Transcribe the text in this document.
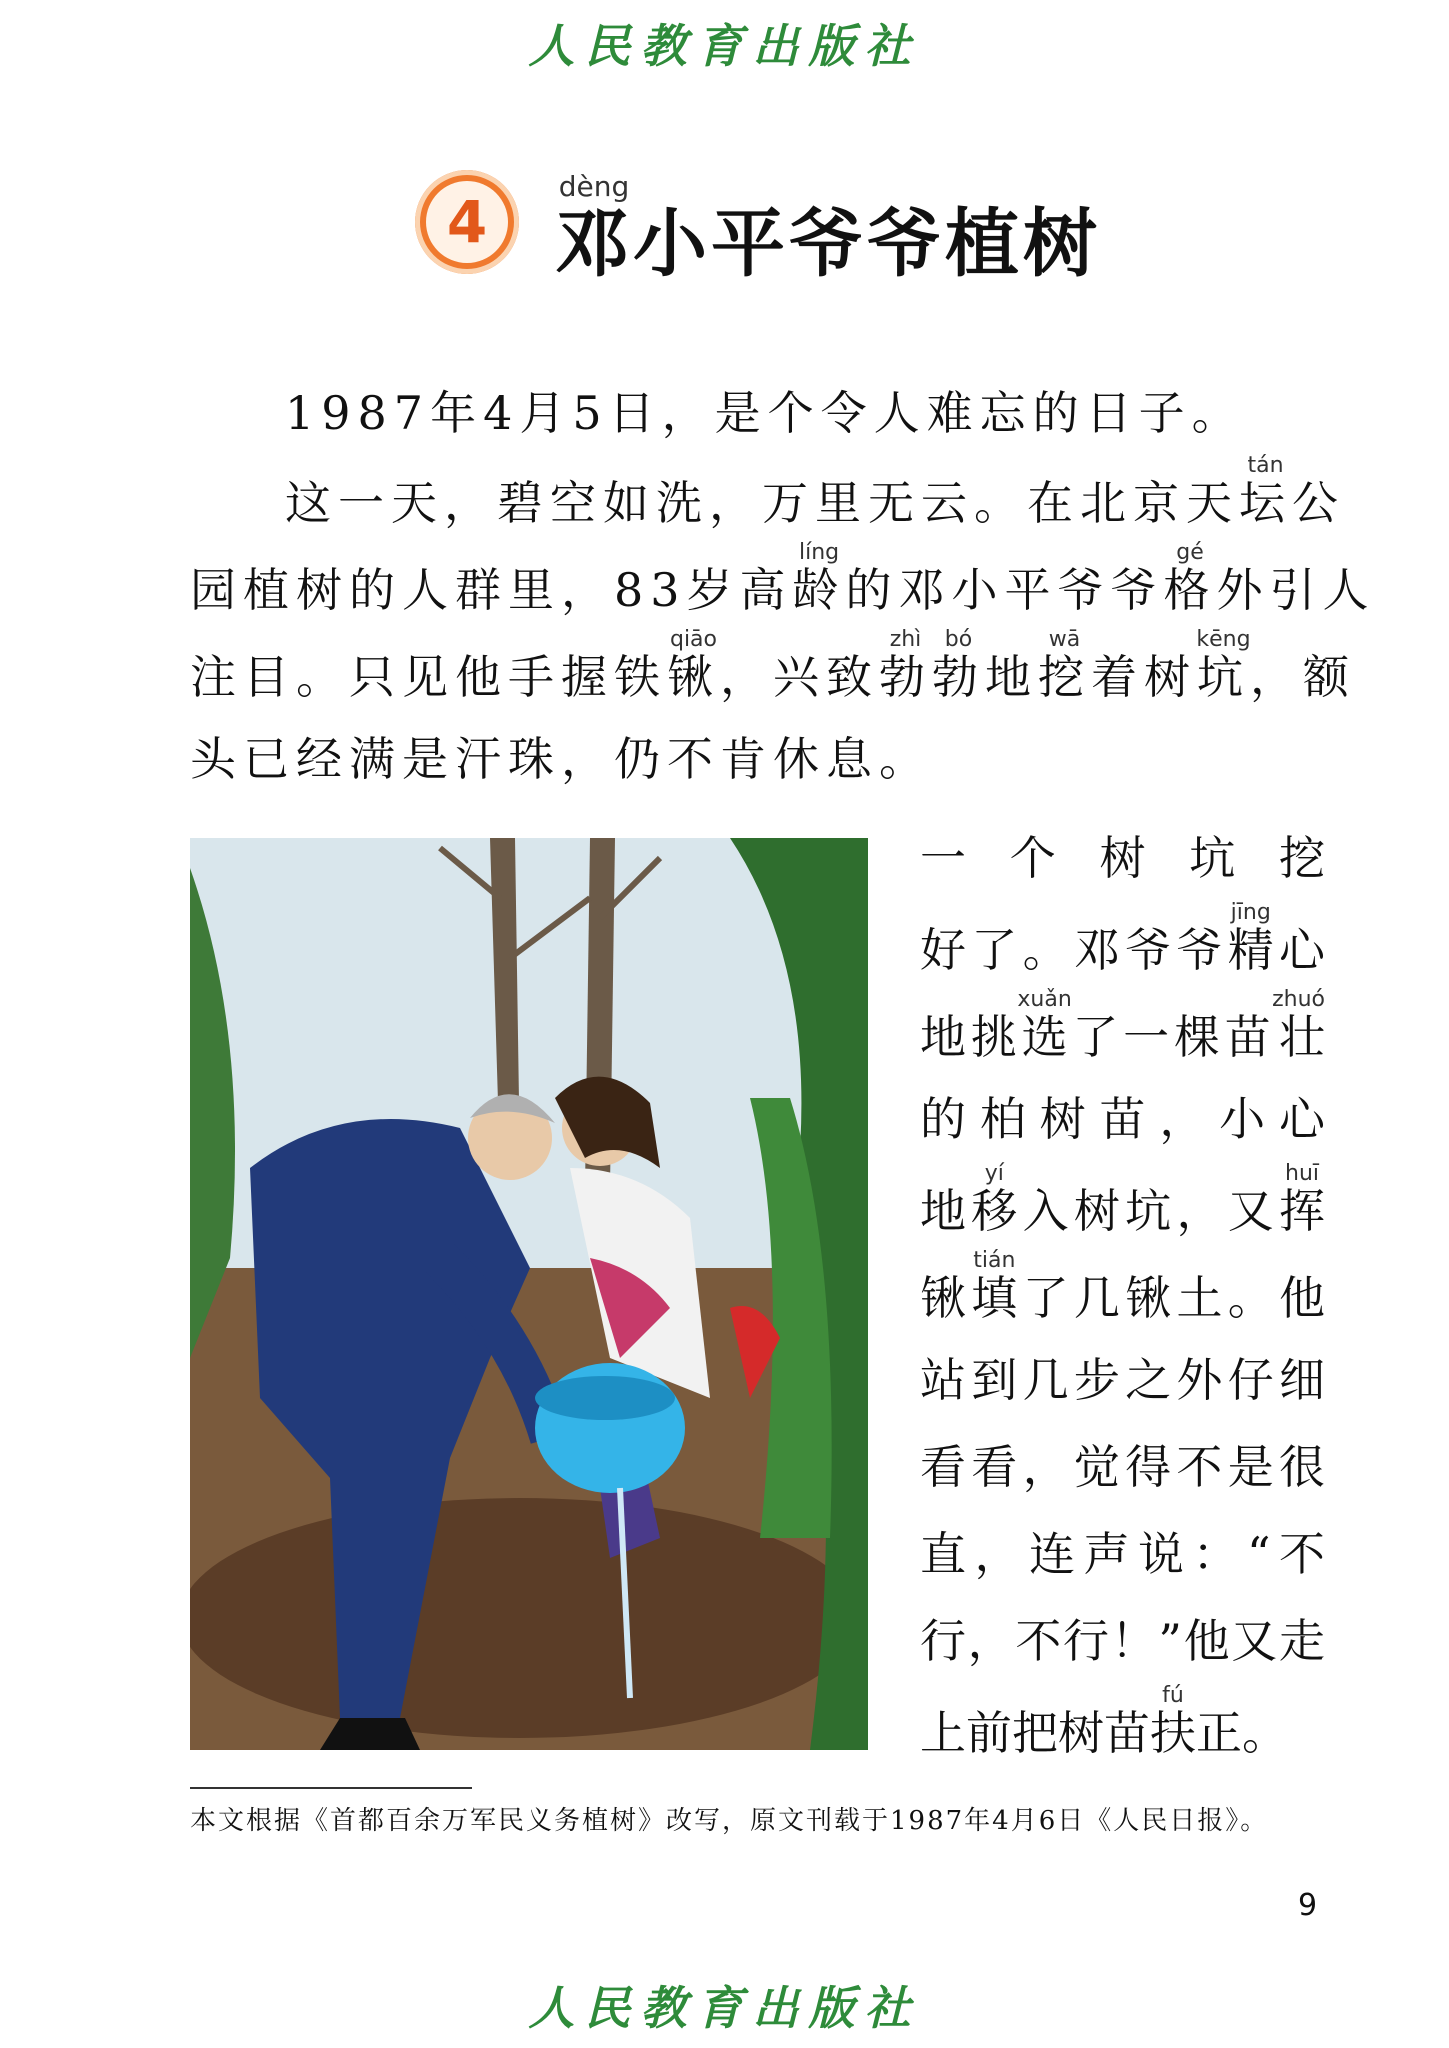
人民教育出版社
4 邓dèng小平爷爷植树
1987年4月5日，是个令人难忘的日子。
这一天，碧空如洗，万里无云。在北京天坛tán公
园植树的人群里，83岁高龄líng的邓小平爷爷格gé外引人
注目。只见他手握铁锹qiāo，兴致勃zhì勃bó地挖wā着树坑kēng，额
头已经满是汗珠，仍不肯休息。
一个树坑挖
好了。邓爷爷精jīng心
地挑选xuǎn了一棵苗壮zhuó
的柏树苗，小心
地移yí入树坑，又挥huī
锹填tián了几锹土。他
站到几步之外仔细
看看，觉得不是很
直，连声说：“不
行，不行！”他又走
上前把树苗扶fú正。
本文根据《首都百余万军民义务植树》改写，原文刊载于1987年4月6日《人民日报》。
9
人民教育出版社
